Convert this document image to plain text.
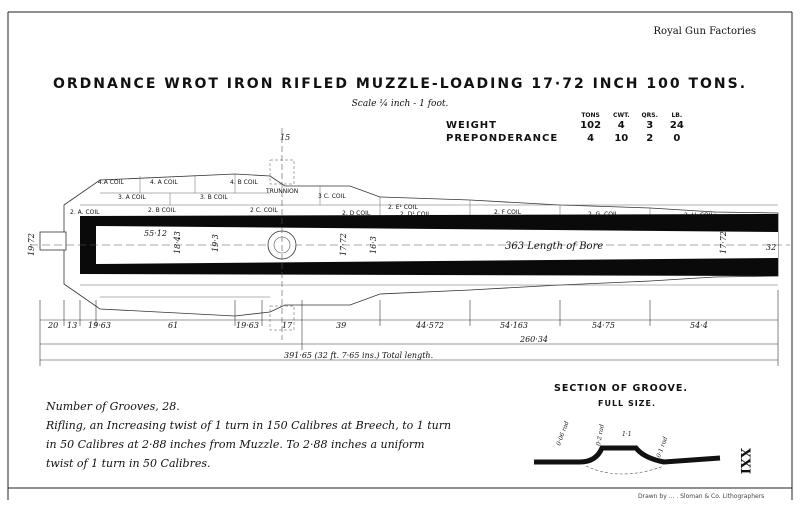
Royal Gun Factories
ORDNANCE WROT IRON RIFLED MUZZLE-LOADING 17·72 INCH 100 TONS.
Scale ¼ inch - 1 foot.
	TONS	CWT.	QRS.	LB.
WEIGHT	102	4	3	24
PREPONDERANCE	4	10	2	0
4.A COIL	4. A COIL	4. B COIL
3. A COIL	3. B COIL
TRUNNION
3 C. COIL
2. A. COIL	2. B COIL	2 C. COIL	2. E¹ COIL
2. D COIL	2. D¹ COIL	2. F COIL	2. G. COIL	2. H. COIL
55·12 18·43	19·3	17·72	16·3	363 Length of Bore	17·72
19·72	32
15
20 13 19·63	61	19·63	17	39	44·572	54·163	54·75	54·4
260·34
391·65 (32 ft. 7·65 ins.) Total length.
0·06 rad	0·2 rad	1·1
0·1 rad
Number of Grooves, 28.
Rifling, an Increasing twist of 1 turn in 150 Calibres at Breech, to 1 turn
in 50 Calibres at 2·88 inches from Muzzle. To 2·88 inches a uniform
twist of 1 turn in 50 Calibres.
SECTION OF GROOVE.
FULL SIZE.
XXI
Drawn by ... . Sloman & Co. Lithographers
